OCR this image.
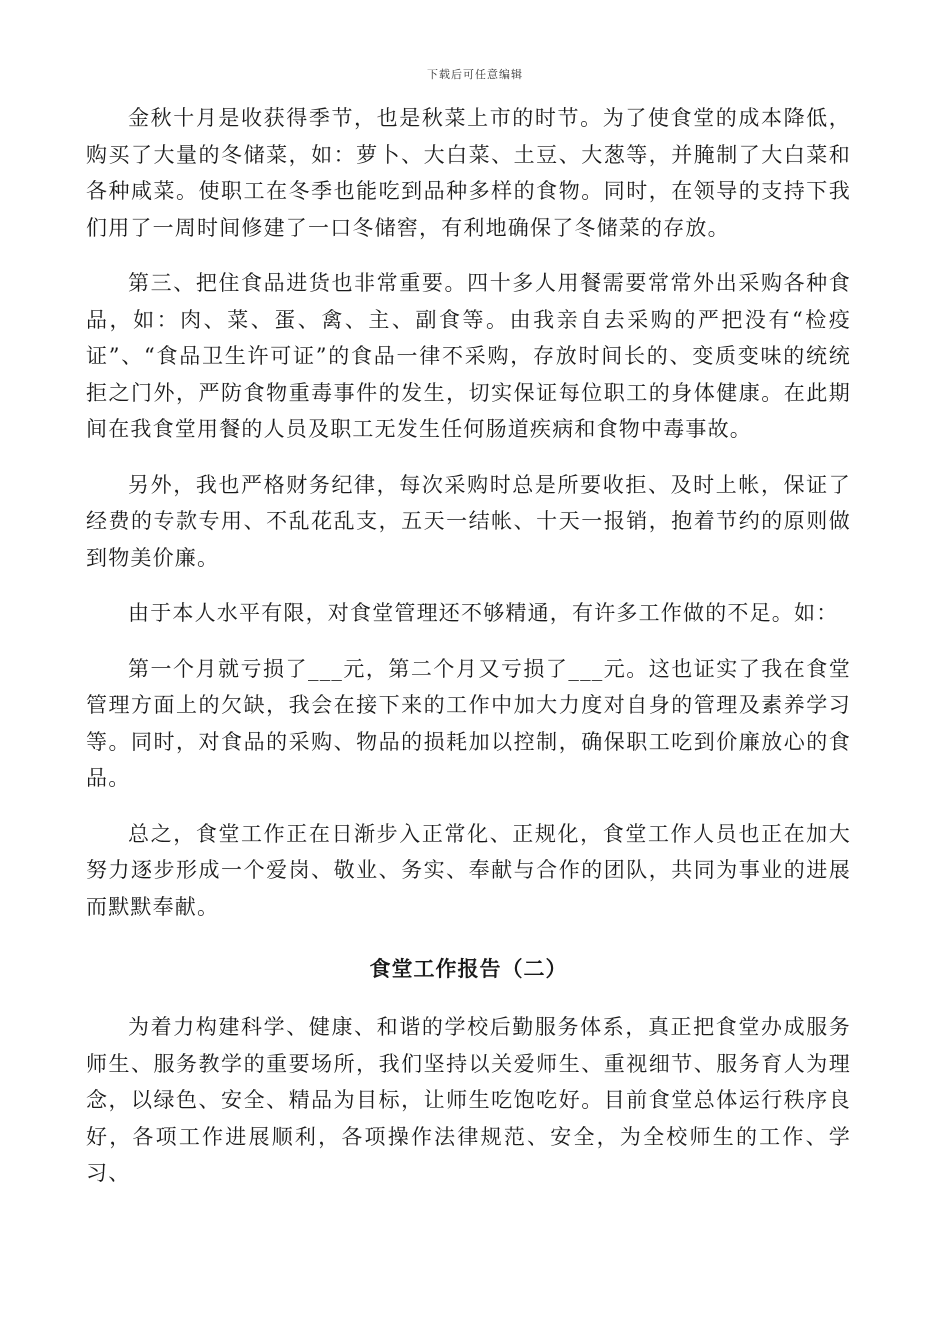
下载后可任意编辑

金秋十月是收获得季节，也是秋菜上市的时节。为了使食堂的成本降低，购买了大量的冬储菜，如：萝卜、大白菜、土豆、大葱等，并腌制了大白菜和各种咸菜。使职工在冬季也能吃到品种多样的食物。同时，在领导的支持下我们用了一周时间修建了一口冬储窖，有利地确保了冬储菜的存放。

第三、把住食品进货也非常重要。四十多人用餐需要常常外出采购各种食品，如：肉、菜、蛋、禽、主、副食等。由我亲自去采购的严把没有“检疫证”、“食品卫生许可证”的食品一律不采购，存放时间长的、变质变味的统统拒之门外，严防食物重毒事件的发生，切实保证每位职工的身体健康。在此期间在我食堂用餐的人员及职工无发生任何肠道疾病和食物中毒事故。

另外，我也严格财务纪律，每次采购时总是所要收拒、及时上帐，保证了经费的专款专用、不乱花乱支，五天一结帐、十天一报销，抱着节约的原则做到物美价廉。

由于本人水平有限，对食堂管理还不够精通，有许多工作做的不足。如：

第一个月就亏损了___元，第二个月又亏损了___元。这也证实了我在食堂管理方面上的欠缺，我会在接下来的工作中加大力度对自身的管理及素养学习等。同时，对食品的采购、物品的损耗加以控制，确保职工吃到价廉放心的食品。

总之，食堂工作正在日渐步入正常化、正规化，食堂工作人员也正在加大努力逐步形成一个爱岗、敬业、务实、奉献与合作的团队，共同为事业的进展而默默奉献。

食堂工作报告（二）

为着力构建科学、健康、和谐的学校后勤服务体系，真正把食堂办成服务师生、服务教学的重要场所，我们坚持以关爱师生、重视细节、服务育人为理念，以绿色、安全、精品为目标，让师生吃饱吃好。目前食堂总体运行秩序良好，各项工作进展顺利，各项操作法律规范、安全，为全校师生的工作、学习、
